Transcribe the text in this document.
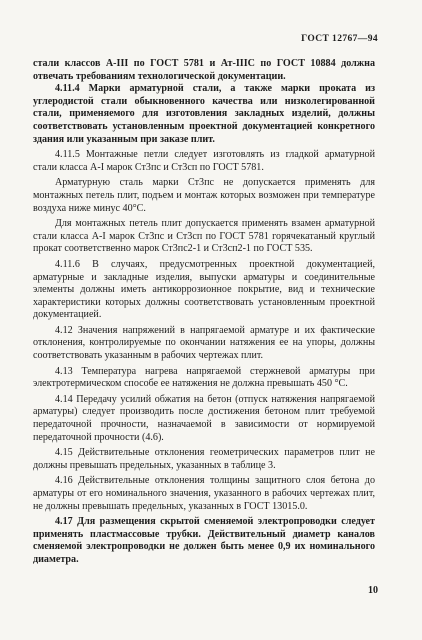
ГОСТ 12767—94

стали классов А-III по ГОСТ 5781 и Ат-IIIС по ГОСТ 10884 должна отвечать требованиям технологической документации.

4.11.4 Марки арматурной стали, а также марки проката из углеродистой стали обыкновенного качества или низколегированной стали, применяемого для изготовления закладных изделий, должны соответствовать установленным проектной документацией конкретного здания или указанным при заказе плит.

4.11.5 Монтажные петли следует изготовлять из гладкой арматурной стали класса А-I марок Ст3пс и Ст3сп по ГОСТ 5781.

Арматурную сталь марки Ст3пс не допускается применять для монтажных петель плит, подъем и монтаж которых возможен при температуре воздуха ниже минус 40°С.

Для монтажных петель плит допускается применять взамен арматурной стали класса А-I марок Ст3пс и Ст3сп по ГОСТ 5781 горячекатаный круглый прокат соответственно марок Ст3пс2-1 и Ст3сп2-1 по ГОСТ 535.

4.11.6 В случаях, предусмотренных проектной документацией, арматурные и закладные изделия, выпуски арматуры и соединительные элементы должны иметь антикоррозионное покрытие, вид и технические характеристики которых должны соответствовать установленным проектной документацией.

4.12 Значения напряжений в напрягаемой арматуре и их фактические отклонения, контролируемые по окончании натяжения ее на упоры, должны соответствовать указанным в рабочих чертежах плит.

4.13 Температура нагрева напрягаемой стержневой арматуры при электротермическом способе ее натяжения не должна превышать 450 °С.

4.14 Передачу усилий обжатия на бетон (отпуск натяжения напрягаемой арматуры) следует производить после достижения бетоном плит требуемой передаточной прочности, назначаемой в зависимости от нормируемой передаточной прочности (4.6).

4.15 Действительные отклонения геометрических параметров плит не должны превышать предельных, указанных в таблице 3.

4.16 Действительные отклонения толщины защитного слоя бетона до арматуры от его номинального значения, указанного в рабочих чертежах плит, не должны превышать предельных, указанных в ГОСТ 13015.0.

4.17 Для размещения скрытой сменяемой электропроводки следует применять пластмассовые трубки. Действительный диаметр каналов сменяемой электропроводки не должен быть менее 0,9 их номинального диаметра.

10
